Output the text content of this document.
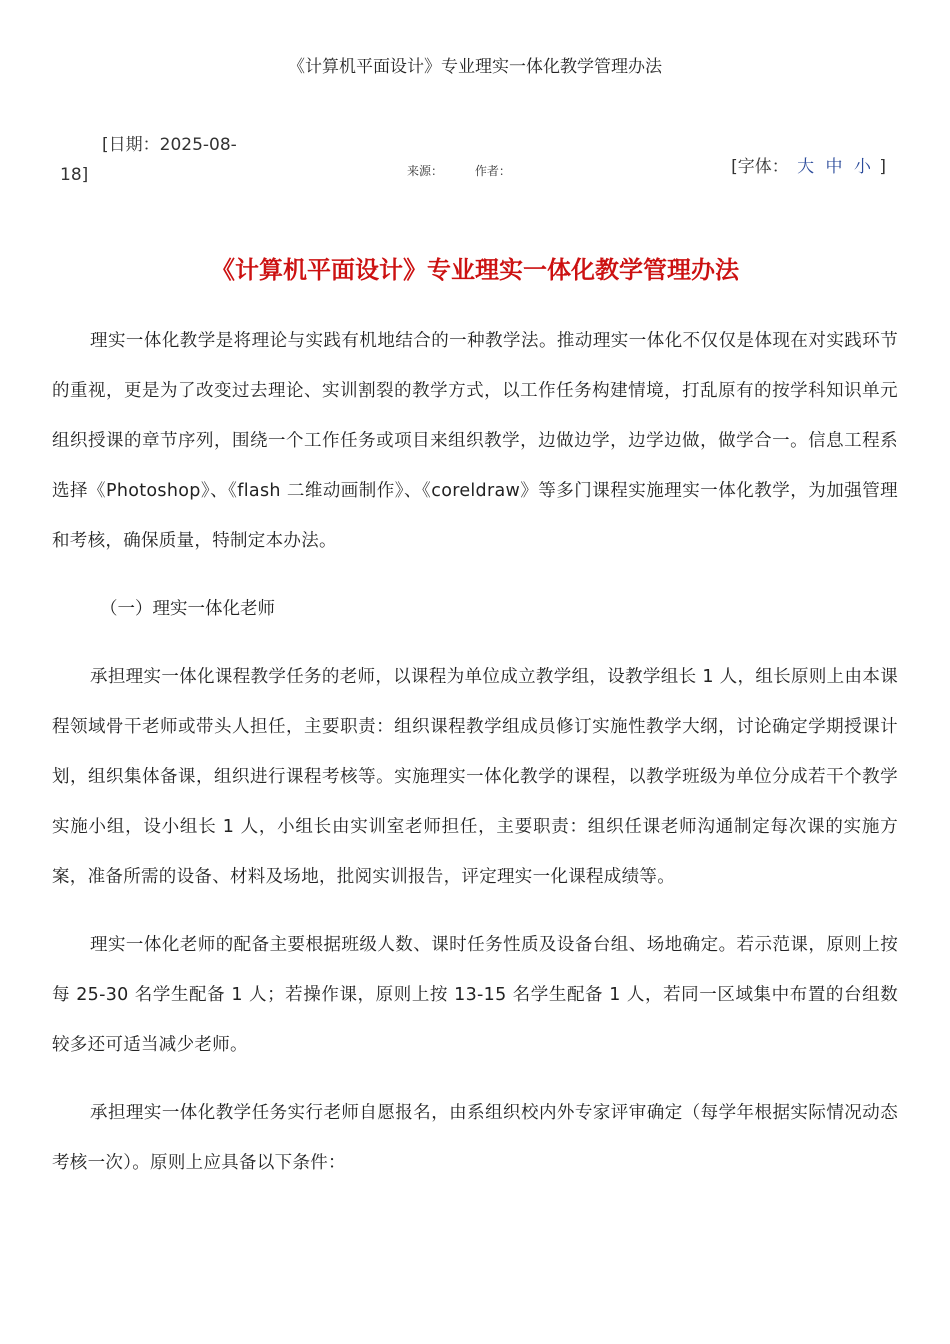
《计算机平面设计》专业理实一体化教学管理办法
[日期：2025-08-
18]	来源：	作者：	[字体： 大 中 小 ]
《计算机平面设计》专业理实一体化教学管理办法

理实一体化教学是将理论与实践有机地结合的一种教学法。推动理实一体化不仅仅是体现在对实践环节的重视，更是为了改变过去理论、实训割裂的教学方式，以工作任务构建情境，打乱原有的按学科知识单元组织授课的章节序列，围绕一个工作任务或项目来组织教学，边做边学，边学边做，做学合一。信息工程系选择《Photoshop》、《flash 二维动画制作》、《coreldraw》等多门课程实施理实一体化教学，为加强管理和考核，确保质量，特制定本办法。

（一）理实一体化老师

承担理实一体化课程教学任务的老师，以课程为单位成立教学组，设教学组长 1 人，组长原则上由本课程领域骨干老师或带头人担任，主要职责：组织课程教学组成员修订实施性教学大纲，讨论确定学期授课计划，组织集体备课，组织进行课程考核等。实施理实一体化教学的课程，以教学班级为单位分成若干个教学实施小组，设小组长 1 人，小组长由实训室老师担任，主要职责：组织任课老师沟通制定每次课的实施方案，准备所需的设备、材料及场地，批阅实训报告，评定理实一化课程成绩等。

理实一体化老师的配备主要根据班级人数、课时任务性质及设备台组、场地确定。若示范课，原则上按每 25-30 名学生配备 1 人；若操作课，原则上按 13-15 名学生配备 1 人，若同一区域集中布置的台组数较多还可适当减少老师。

承担理实一体化教学任务实行老师自愿报名，由系组织校内外专家评审确定（每学年根据实际情况动态考核一次）。原则上应具备以下条件：
